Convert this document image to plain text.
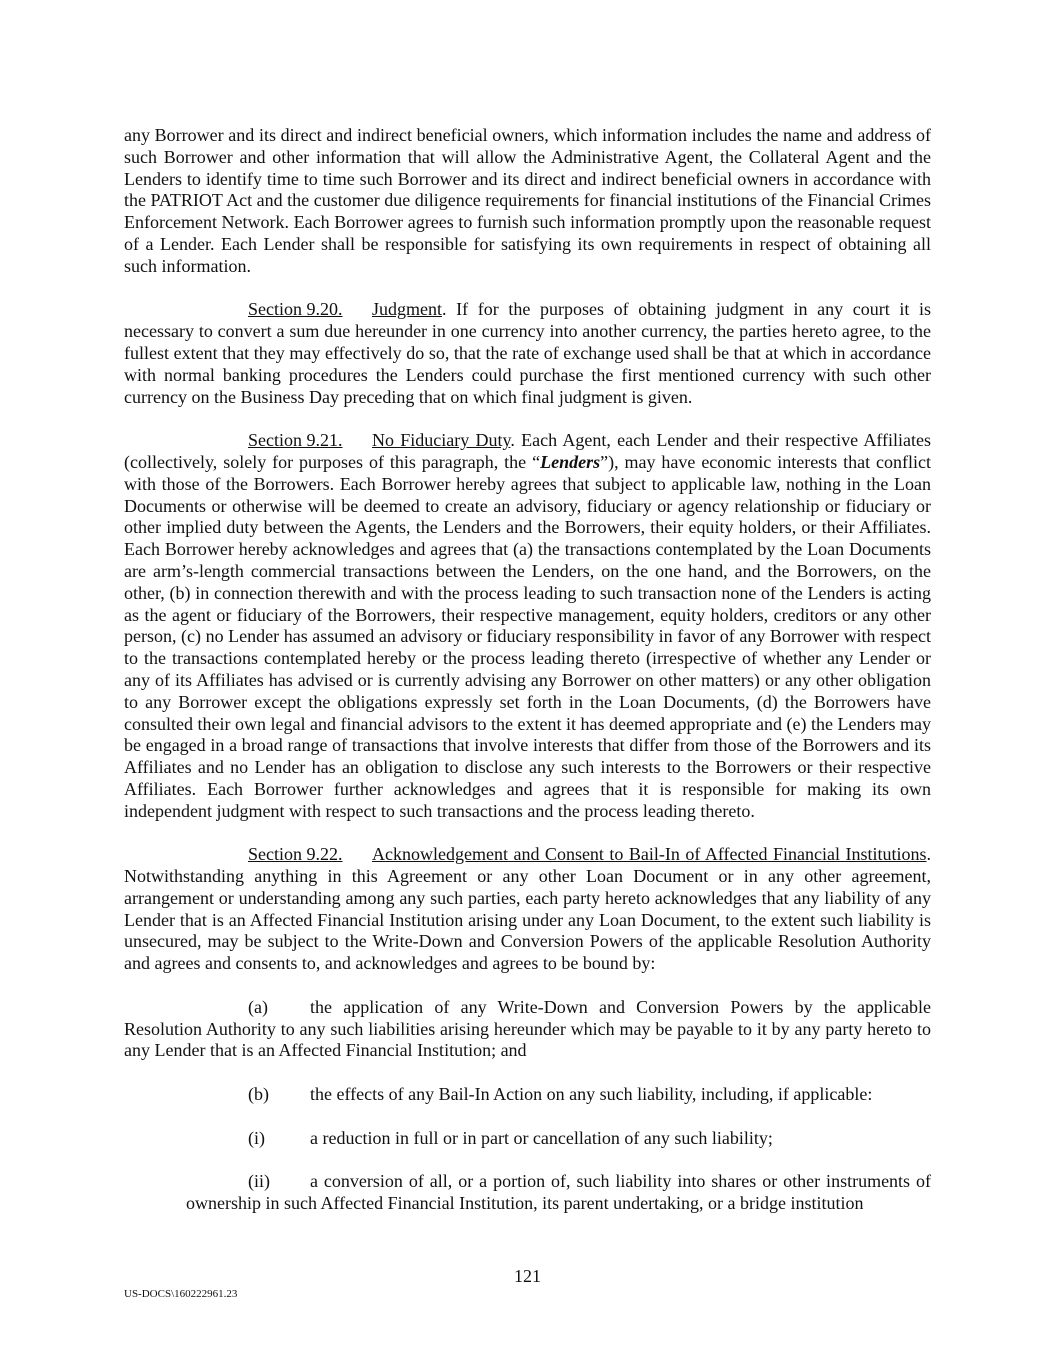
any Borrower and its direct and indirect beneficial owners, which information includes the name and address of such Borrower and other information that will allow the Administrative Agent, the Collateral Agent and the Lenders to identify time to time such Borrower and its direct and indirect beneficial owners in accordance with the PATRIOT Act and the customer due diligence requirements for financial institutions of the Financial Crimes Enforcement Network. Each Borrower agrees to furnish such information promptly upon the reasonable request of a Lender. Each Lender shall be responsible for satisfying its own requirements in respect of obtaining all such information.

Section 9.20. Judgment. If for the purposes of obtaining judgment in any court it is necessary to convert a sum due hereunder in one currency into another currency, the parties hereto agree, to the fullest extent that they may effectively do so, that the rate of exchange used shall be that at which in accordance with normal banking procedures the Lenders could purchase the first mentioned currency with such other currency on the Business Day preceding that on which final judgment is given.

Section 9.21. No Fiduciary Duty. Each Agent, each Lender and their respective Affiliates (collectively, solely for purposes of this paragraph, the “Lenders”), may have economic interests that conflict with those of the Borrowers. Each Borrower hereby agrees that subject to applicable law, nothing in the Loan Documents or otherwise will be deemed to create an advisory, fiduciary or agency relationship or fiduciary or other implied duty between the Agents, the Lenders and the Borrowers, their equity holders, or their Affiliates. Each Borrower hereby acknowledges and agrees that (a) the transactions contemplated by the Loan Documents are arm’s-length commercial transactions between the Lenders, on the one hand, and the Borrowers, on the other, (b) in connection therewith and with the process leading to such transaction none of the Lenders is acting as the agent or fiduciary of the Borrowers, their respective management, equity holders, creditors or any other person, (c) no Lender has assumed an advisory or fiduciary responsibility in favor of any Borrower with respect to the transactions contemplated hereby or the process leading thereto (irrespective of whether any Lender or any of its Affiliates has advised or is currently advising any Borrower on other matters) or any other obligation to any Borrower except the obligations expressly set forth in the Loan Documents, (d) the Borrowers have consulted their own legal and financial advisors to the extent it has deemed appropriate and (e) the Lenders may be engaged in a broad range of transactions that involve interests that differ from those of the Borrowers and its Affiliates and no Lender has an obligation to disclose any such interests to the Borrowers or their respective Affiliates. Each Borrower further acknowledges and agrees that it is responsible for making its own independent judgment with respect to such transactions and the process leading thereto.

Section 9.22. Acknowledgement and Consent to Bail-In of Affected Financial Institutions. Notwithstanding anything in this Agreement or any other Loan Document or in any other agreement, arrangement or understanding among any such parties, each party hereto acknowledges that any liability of any Lender that is an Affected Financial Institution arising under any Loan Document, to the extent such liability is unsecured, may be subject to the Write-Down and Conversion Powers of the applicable Resolution Authority and agrees and consents to, and acknowledges and agrees to be bound by:

(a) the application of any Write-Down and Conversion Powers by the applicable Resolution Authority to any such liabilities arising hereunder which may be payable to it by any party hereto to any Lender that is an Affected Financial Institution; and

(b) the effects of any Bail-In Action on any such liability, including, if applicable:

(i)	a reduction in full or in part or cancellation of any such liability;

(ii) a conversion of all, or a portion of, such liability into shares or other instruments of ownership in such Affected Financial Institution, its parent undertaking, or a bridge institution

121
US-DOCS\160222961.23
